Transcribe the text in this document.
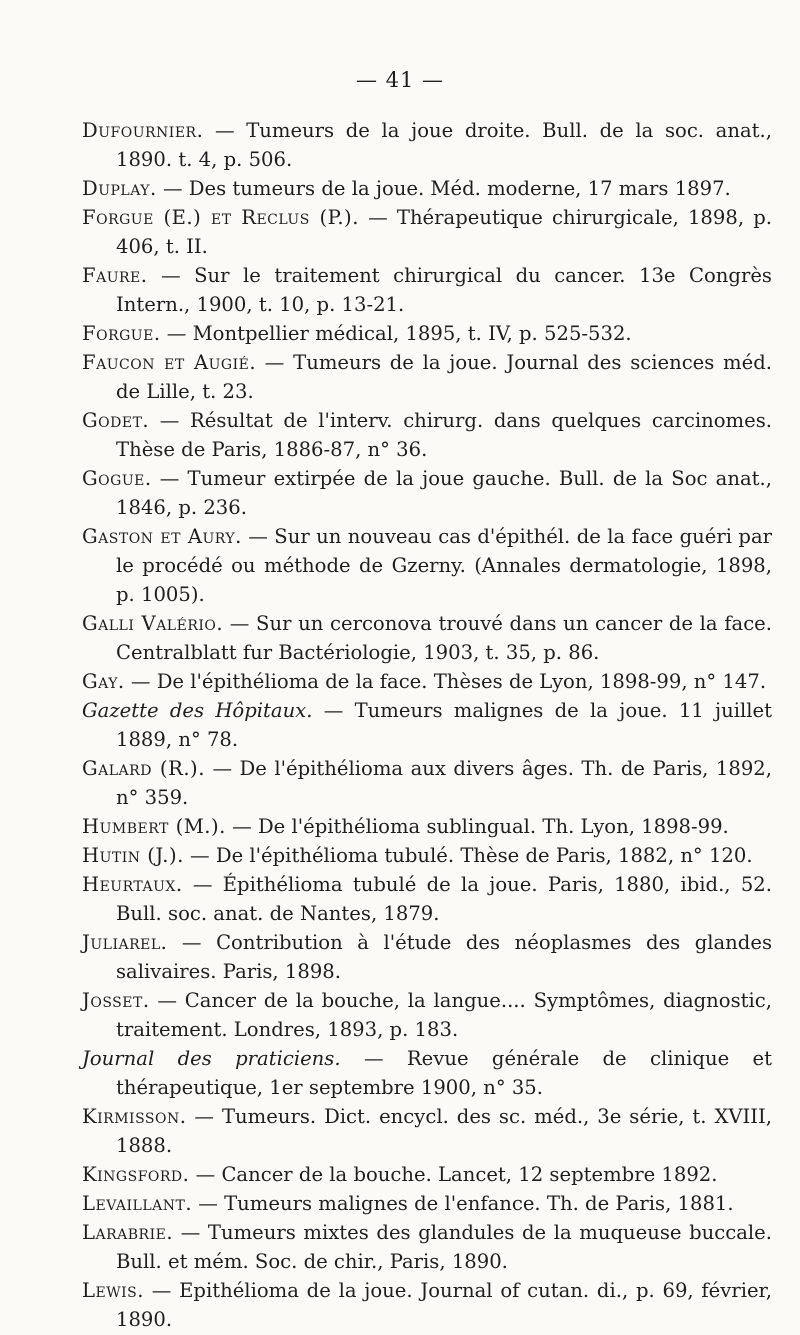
— 41 —

Dufournier. — Tumeurs de la joue droite. Bull. de la soc. anat., 1890. t. 4, p. 506.

Duplay. — Des tumeurs de la joue. Méd. moderne, 17 mars 1897.

Forgue (E.) et Reclus (P.). — Thérapeutique chirurgicale, 1898, p. 406, t. II.

Faure. — Sur le traitement chirurgical du cancer. 13e Congrès Intern., 1900, t. 10, p. 13-21.

Forgue. — Montpellier médical, 1895, t. IV, p. 525-532.

Faucon et Augié. — Tumeurs de la joue. Journal des sciences méd. de Lille, t. 23.

Godet. — Résultat de l'interv. chirurg. dans quelques carcinomes. Thèse de Paris, 1886-87, n° 36.

Gogue. — Tumeur extirpée de la joue gauche. Bull. de la Soc anat., 1846, p. 236.

Gaston et Aury. — Sur un nouveau cas d'épithél. de la face guéri par le procédé ou méthode de Gzerny. (Annales dermatologie, 1898, p. 1005).

Galli Valério. — Sur un cerconova trouvé dans un cancer de la face. Centralblatt fur Bactériologie, 1903, t. 35, p. 86.

Gay. — De l'épithélioma de la face. Thèses de Lyon, 1898-99, n° 147.

Gazette des Hôpitaux. — Tumeurs malignes de la joue. 11 juillet 1889, n° 78.

Galard (R.). — De l'épithélioma aux divers âges. Th. de Paris, 1892, n° 359.

Humbert (M.). — De l'épithélioma sublingual. Th. Lyon, 1898-99.

Hutin (J.). — De l'épithélioma tubulé. Thèse de Paris, 1882, n° 120.

Heurtaux. — Épithélioma tubulé de la joue. Paris, 1880, ibid., 52. Bull. soc. anat. de Nantes, 1879.

Juliarel. — Contribution à l'étude des néoplasmes des glandes salivaires. Paris, 1898.

Josset. — Cancer de la bouche, la langue.... Symptômes, diagnostic, traitement. Londres, 1893, p. 183.

Journal des praticiens. — Revue générale de clinique et thérapeutique, 1er septembre 1900, n° 35.

Kirmisson. — Tumeurs. Dict. encycl. des sc. méd., 3e série, t. XVIII, 1888.

Kingsford. — Cancer de la bouche. Lancet, 12 septembre 1892.

Levaillant. — Tumeurs malignes de l'enfance. Th. de Paris, 1881.

Larabrie. — Tumeurs mixtes des glandules de la muqueuse buccale. Bull. et mém. Soc. de chir., Paris, 1890.

Lewis. — Epithélioma de la joue. Journal of cutan. di., p. 69, février, 1890.
